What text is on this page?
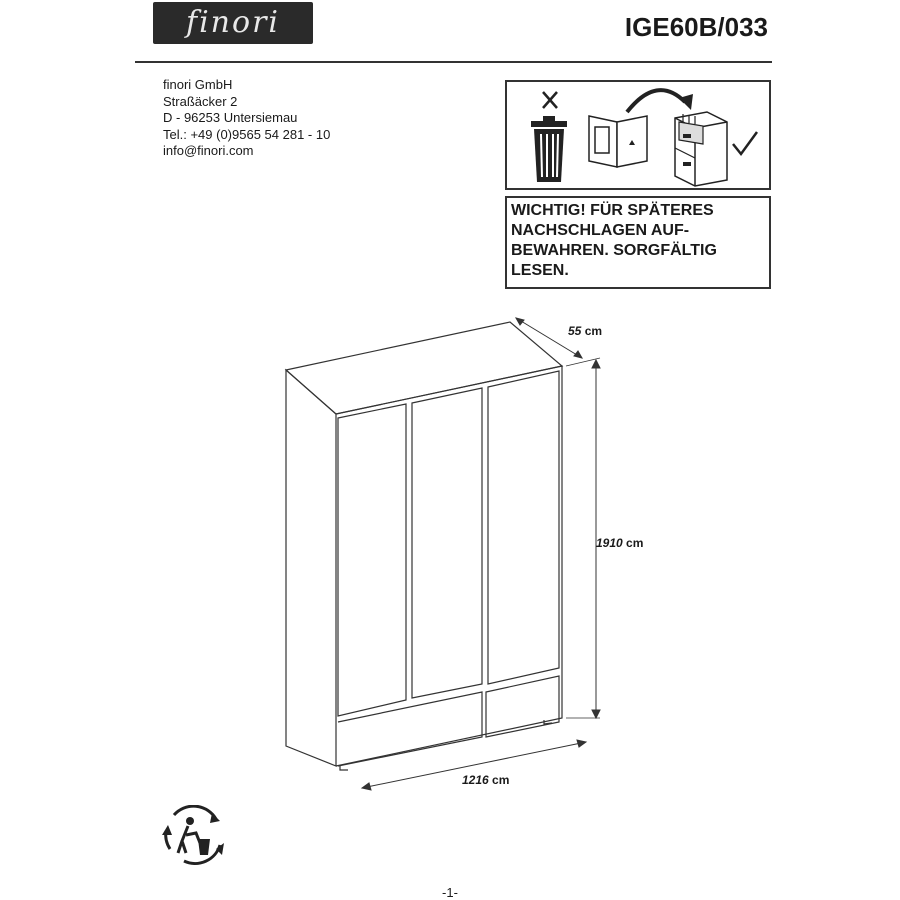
finori	IGE60B/033
finori GmbH
Straßäcker 2
D - 96253 Untersiemau
Tel.: +49 (0)9565 54 281 - 10
info@finori.com
WICHTIG! FÜR SPÄTERES
NACHSCHLAGEN AUF-
BEWAHREN. SORGFÄLTIG
LESEN.
55 cm
1910 cm
1216 cm
-1-
